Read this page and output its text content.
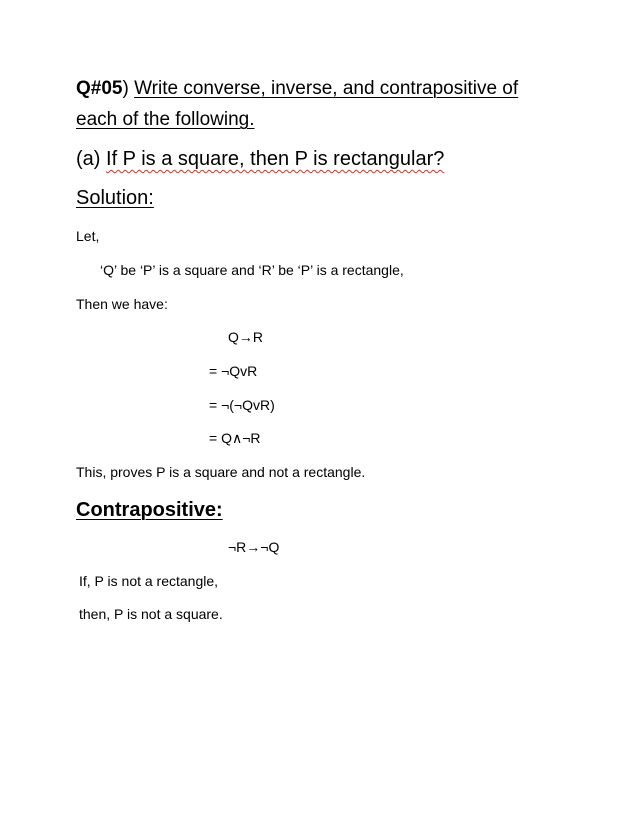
Q#05) Write converse, inverse, and contrapositive of
each of the following.
(a) If P is a square, then P is rectangular?
Solution:
Let,
‘Q’ be ‘P’ is a square and ‘R’ be ‘P’ is a rectangle,
Then we have:
Q→R
= ¬QvR
= ¬(¬QvR)
= Q∧¬R
This, proves P is a square and not a rectangle.
Contrapositive:
¬R→¬Q
If, P is not a rectangle,
then, P is not a square.
